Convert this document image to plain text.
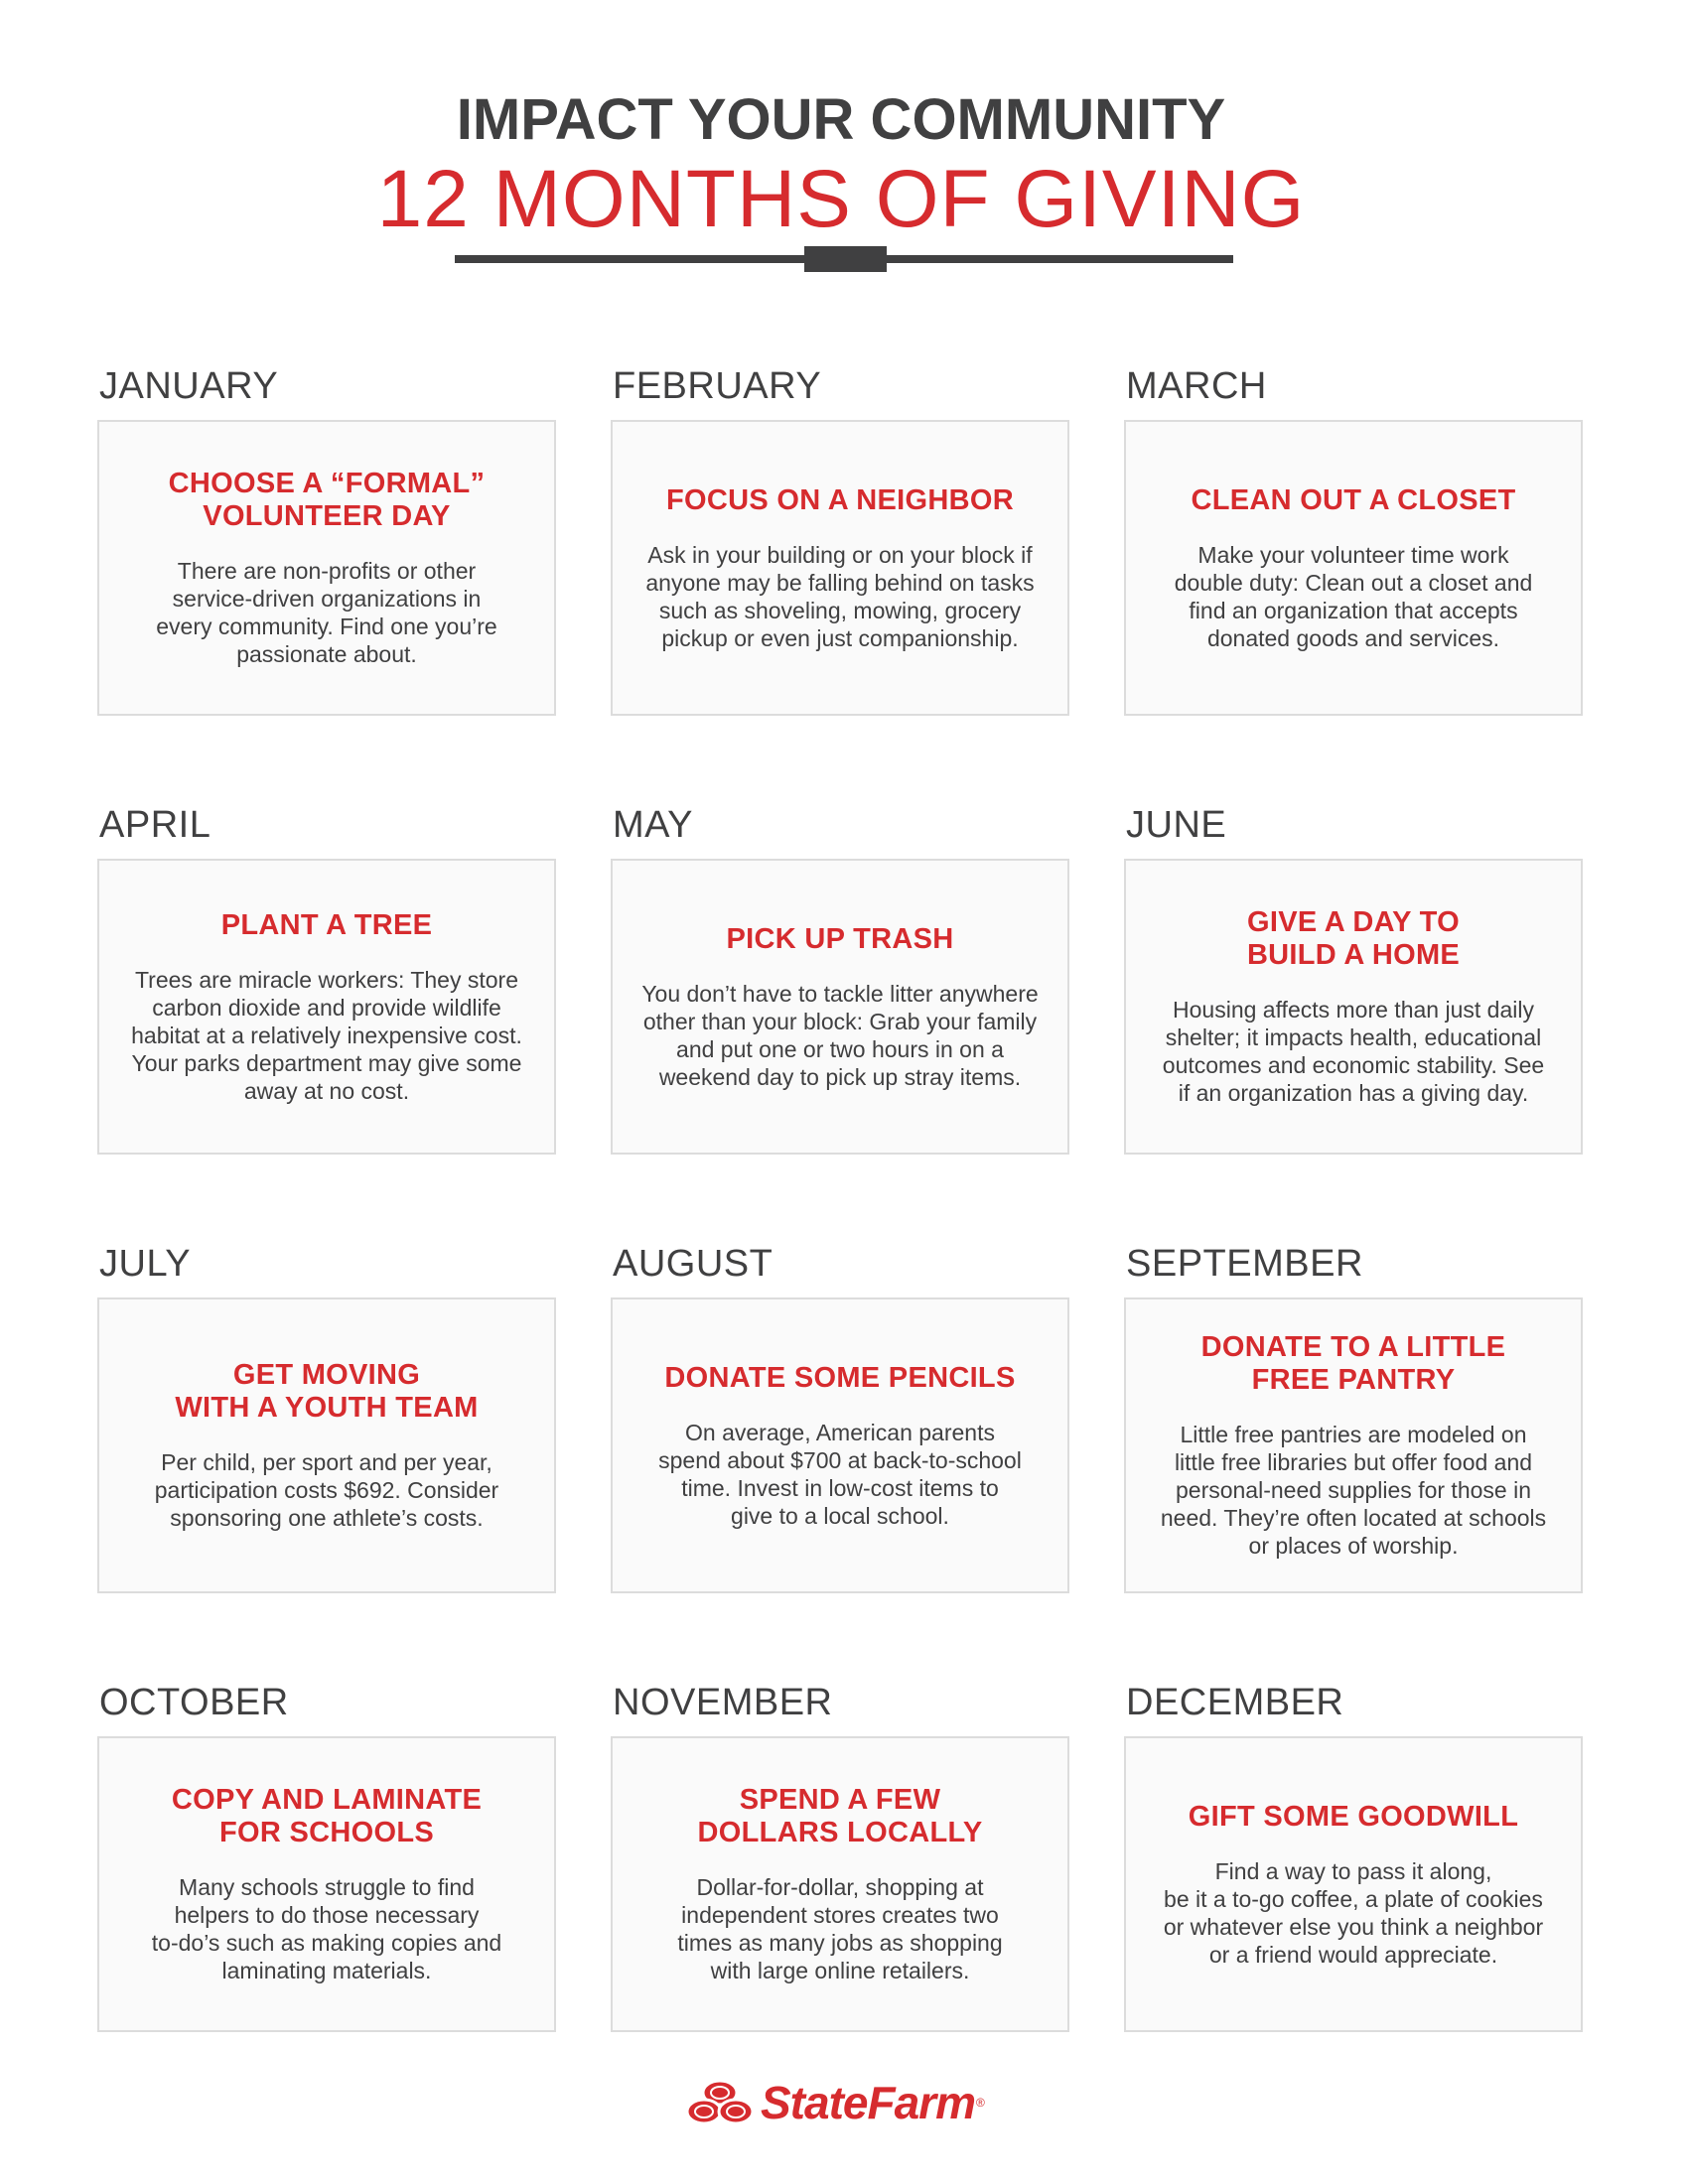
IMPACT YOUR COMMUNITY
12 MONTHS OF GIVING
JANUARY
CHOOSE A “FORMAL”
VOLUNTEER DAY
There are non-profits or other
service-driven organizations in
every community. Find one you’re
passionate about.
FEBRUARY
FOCUS ON A NEIGHBOR
Ask in your building or on your block if
anyone may be falling behind on tasks
such as shoveling, mowing, grocery
pickup or even just companionship.
MARCH
CLEAN OUT A CLOSET
Make your volunteer time work
double duty: Clean out a closet and
find an organization that accepts
donated goods and services.
APRIL
PLANT A TREE
Trees are miracle workers: They store
carbon dioxide and provide wildlife
habitat at a relatively inexpensive cost.
Your parks department may give some
away at no cost.
MAY
PICK UP TRASH
You don’t have to tackle litter anywhere
other than your block: Grab your family
and put one or two hours in on a
weekend day to pick up stray items.
JUNE
GIVE A DAY TO
BUILD A HOME
Housing affects more than just daily
shelter; it impacts health, educational
outcomes and economic stability. See
if an organization has a giving day.
JULY
GET MOVING
WITH A YOUTH TEAM
Per child, per sport and per year,
participation costs $692. Consider
sponsoring one athlete’s costs.
AUGUST
DONATE SOME PENCILS
On average, American parents
spend about $700 at back-to-school
time. Invest in low-cost items to
give to a local school.
SEPTEMBER
DONATE TO A LITTLE
FREE PANTRY
Little free pantries are modeled on
little free libraries but offer food and
personal-need supplies for those in
need. They’re often located at schools
or places of worship.
OCTOBER
COPY AND LAMINATE
FOR SCHOOLS
Many schools struggle to find
helpers to do those necessary
to-do’s such as making copies and
laminating materials.
NOVEMBER
SPEND A FEW
DOLLARS LOCALLY
Dollar-for-dollar, shopping at
independent stores creates two
times as many jobs as shopping
with large online retailers.
DECEMBER
GIFT SOME GOODWILL
Find a way to pass it along,
be it a to-go coffee, a plate of cookies
or whatever else you think a neighbor
or a friend would appreciate.
StateFarm ®
